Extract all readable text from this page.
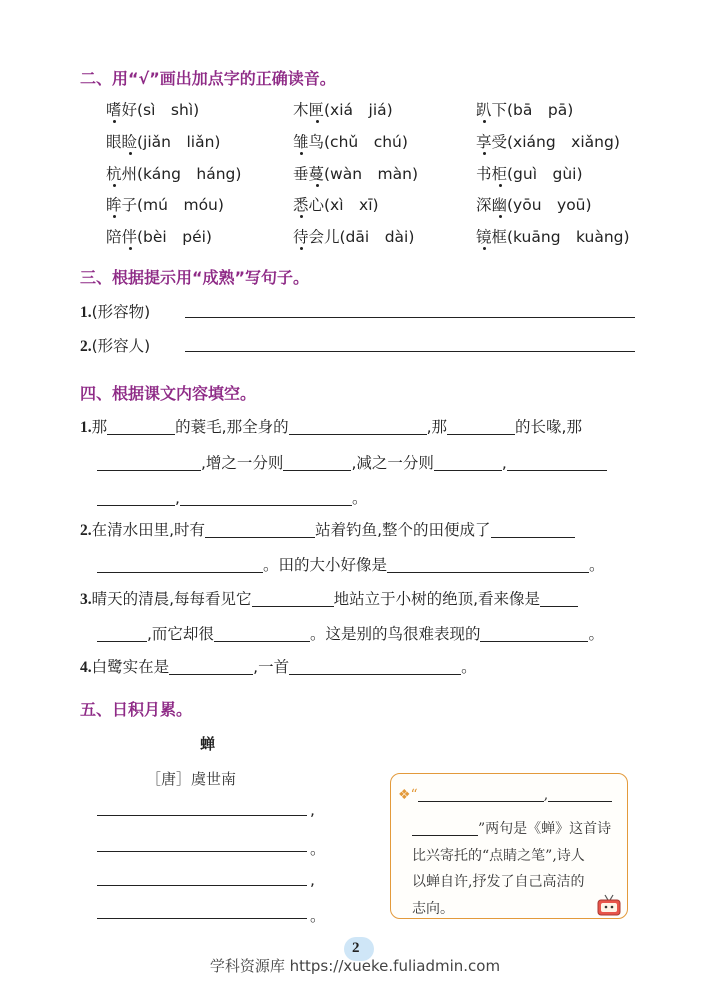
二、用“√”画出加点字的正确读音。
嗜好(sì　shì)	木匣(xiá　jiá)	趴下(bā　pā)
眼睑(jiǎn　liǎn)	雏鸟(chǔ　chú)	享受(xiáng　xiǎng)
杭州(káng　háng)	垂蔓(wàn　màn)	书柜(guì　gùi)
眸子(mú　móu)	悉心(xì　xī)	深幽(yōu　yoū)
陪伴(bèi　péi)	待会儿(dāi　dài)	镜框(kuāng　kuàng)
三、根据提示用“成熟”写句子。
1.(形容物)
2.(形容人)
四、根据课文内容填空。
1.那	的蓑毛,那全身的	,那	的长喙,那
,增之一分则	,减之一分则	,
,	。
2.在清水田里,时有	站着钓鱼,整个的田便成了
。田的大小好像是	。
3.晴天的清晨,每每看见它	地站立于小树的绝顶,看来像是
,而它却很	。这是别的鸟很难表现的	。
4.白鹭实在是	,一首	。
五、日积月累。
蝉
［唐］虞世南
,
。
,
。
❖“	,
”两句是《蝉》这首诗
比兴寄托的“点睛之笔”,诗人
以蝉自许,抒发了自己高洁的
志向。
2
学科资源库 https://xueke.fuliadmin.com
